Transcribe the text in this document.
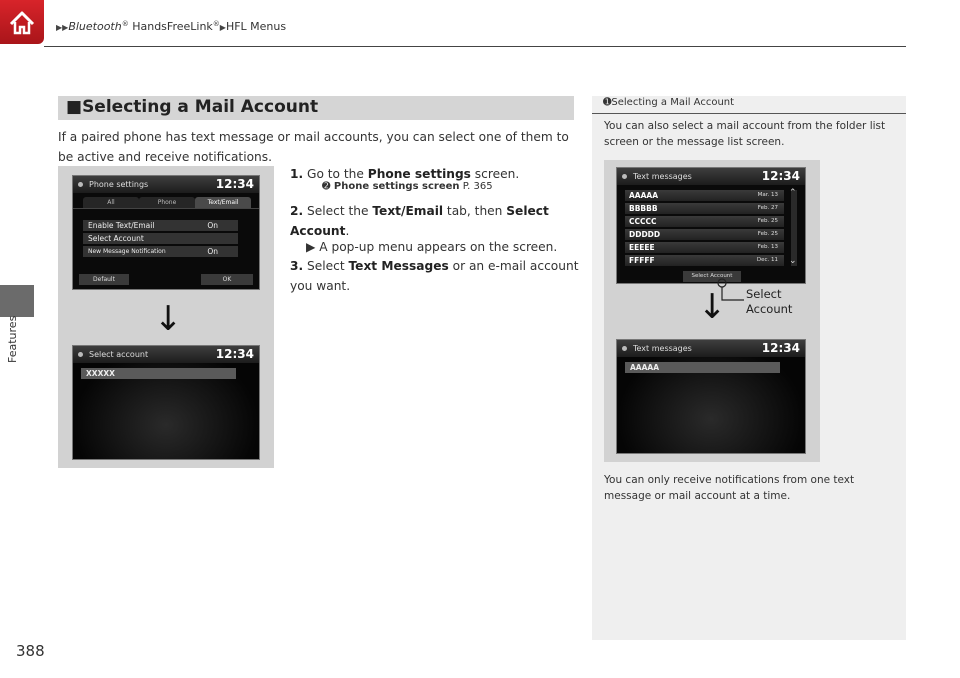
▶▶Bluetooth® HandsFreeLink®▶HFL Menus
Features
388
■Selecting a Mail Account
If a paired phone has text message or mail accounts, you can select one of them to be active and receive notifications.
Phone settings	12:34
All	Phone	Text/Email
Enable Text/Email	On
Select Account
New Message Notification	On
Default	OK
↓
Select account	12:34
XXXXX
1. Go to the Phone settings screen.
➋ Phone settings screen P. 365
2. Select the Text/Email tab, then Select Account.
▶ A pop-up menu appears on the screen.
3. Select Text Messages or an e-mail account you want.
➊Selecting a Mail Account
You can also select a mail account from the folder list screen or the message list screen.
Text messages	12:34
AAAAA	Mar. 13
BBBBB	Feb. 27
CCCCC	Feb. 25
DDDDD	Feb. 25
EEEEE	Feb. 13
FFFFF	Dec. 11
⌃
⌄
Select Account
↓
Text messages	12:34
AAAAA
Select
Account
You can only receive notifications from one text message or mail account at a time.
